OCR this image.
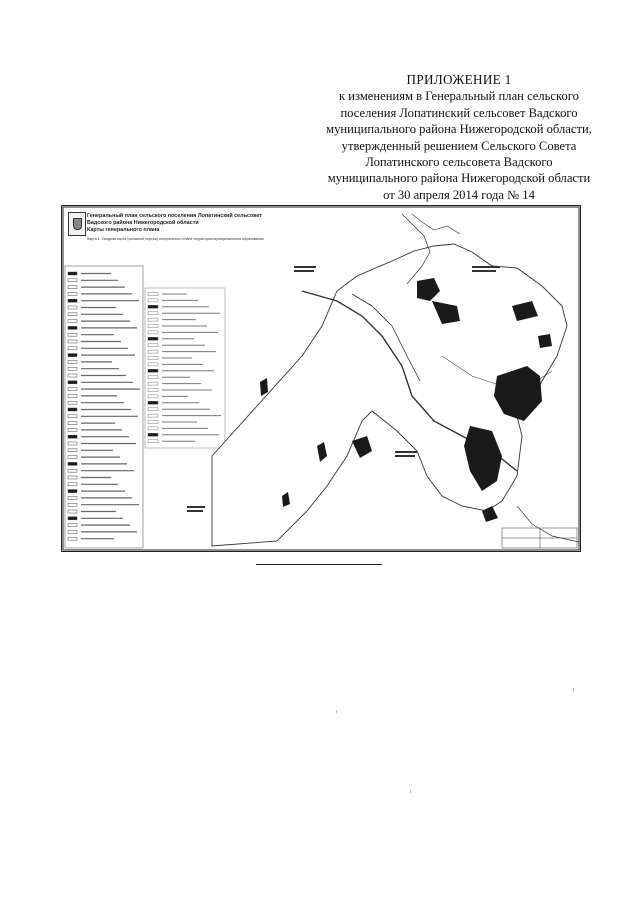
ПРИЛОЖЕНИЕ 1
к изменениям в Генеральный план сельского
поселения Лопатинский сельсовет Вадского
муниципального района Нижегородской области,
утвержденный решением Сельского Совета
Лопатинского сельсовета Вадского
муниципального района Нижегородской области
от 30 апреля 2014 года № 14
Генеральный план сельского поселения Лопатинский сельсовет
Вадского района Нижегородской области
Карты генерального плана
Карта 1. Сводная карта (основной чертеж) генерального плана территории муниципального образования
